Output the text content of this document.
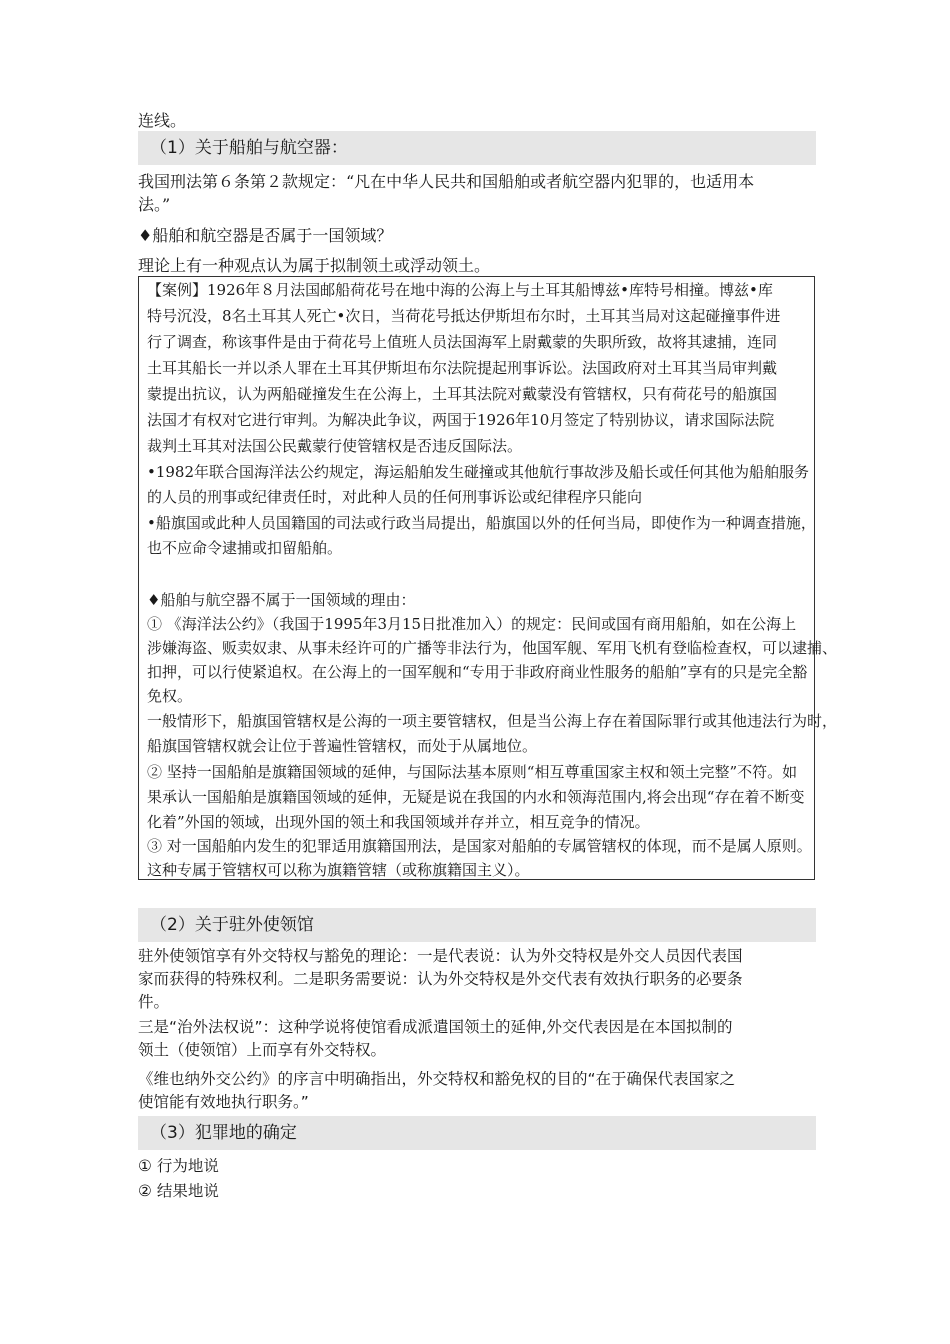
连线。
（1）关于船舶与航空器：
我国刑法第６条第２款规定：“凡在中华人民共和国船舶或者航空器内犯罪的，也适用本
法。”
♦船舶和航空器是否属于一国领域？
理论上有一种观点认为属于拟制领土或浮动领土。
【案例】1926年８月法国邮船荷花号在地中海的公海上与土耳其船博兹•库特号相撞。博兹•库
特号沉没，8名土耳其人死亡•次日，当荷花号抵达伊斯坦布尔时，土耳其当局对这起碰撞事件进
行了调查，称该事件是由于荷花号上值班人员法国海军上尉戴蒙的失职所致，故将其逮捕，连同
土耳其船长一并以杀人罪在土耳其伊斯坦布尔法院提起刑事诉讼。法国政府对土耳其当局审判戴
蒙提出抗议，认为两船碰撞发生在公海上，土耳其法院对戴蒙没有管辖权，只有荷花号的船旗国
法国才有权对它进行审判。为解决此争议，两国于1926年10月签定了特别协议，请求国际法院
裁判土耳其对法国公民戴蒙行使管辖权是否违反国际法。
•1982年联合国海洋法公约规定，海运船舶发生碰撞或其他航行事故涉及船长或任何其他为船舶服务
的人员的刑事或纪律责任时，对此种人员的任何刑事诉讼或纪律程序只能向
•船旗国或此种人员国籍国的司法或行政当局提出，船旗国以外的任何当局，即使作为一种调查措施，
也不应命令逮捕或扣留船舶。
♦船舶与航空器不属于一国领域的理由：
① 《海洋法公约》（我国于1995年3月15日批准加入）的规定：民间或国有商用船舶，如在公海上
涉嫌海盗、贩卖奴隶、从事未经许可的广播等非法行为，他国军舰、军用飞机有登临检查权，可以逮捕、
扣押，可以行使紧追权。在公海上的一国军舰和“专用于非政府商业性服务的船舶”享有的只是完全豁
免权。
一般情形下，船旗国管辖权是公海的一项主要管辖权，但是当公海上存在着国际罪行或其他违法行为时，
船旗国管辖权就会让位于普遍性管辖权，而处于从属地位。
② 坚持一国船舶是旗籍国领域的延伸，与国际法基本原则“相互尊重国家主权和领土完整”不符。如
果承认一国船舶是旗籍国领域的延伸，无疑是说在我国的内水和领海范围内,将会出现“存在着不断变
化着”外国的领域，出现外国的领土和我国领域并存并立，相互竞争的情况。
③ 对一国船舶内发生的犯罪适用旗籍国刑法，是国家对船舶的专属管辖权的体现，而不是属人原则。
这种专属于管辖权可以称为旗籍管辖（或称旗籍国主义）。
（2）关于驻外使领馆
驻外使领馆享有外交特权与豁免的理论：一是代表说：认为外交特权是外交人员因代表国
家而获得的特殊权利。二是职务需要说：认为外交特权是外交代表有效执行职务的必要条
件。
三是“治外法权说”：这种学说将使馆看成派遣国领土的延伸,外交代表因是在本国拟制的
领土（使领馆）上而享有外交特权。
《维也纳外交公约》的序言中明确指出，外交特权和豁免权的目的“在于确保代表国家之
使馆能有效地执行职务。”
（3）犯罪地的确定
① 行为地说
② 结果地说
